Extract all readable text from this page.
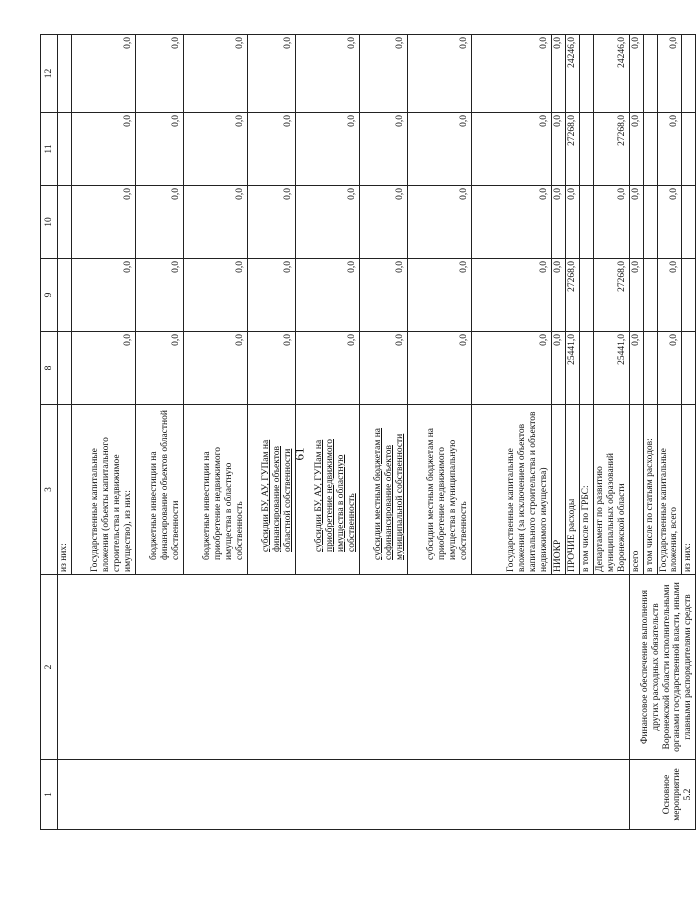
61
1	2	3	8	9	10	11	12
		из них:					
		Государственные капитальные вложения (объекты капитального строительства и недвижимое имущество), из них:	0,0	0,0	0,0	0,0	0,0
		бюджетные инвестиции на финансирование объектов областной собственности	0,0	0,0	0,0	0,0	0,0
		бюджетные инвестиции на приобретение недвижимого имущества в областную собственность	0,0	0,0	0,0	0,0	0,0
		субсидии БУ, АУ, ГУПам на финансирование объектов областной собственности	0,0	0,0	0,0	0,0	0,0
		субсидии БУ, АУ, ГУПам на приобретение недвижимого имущества в областную собственность	0,0	0,0	0,0	0,0	0,0
		субсидии местным бюджетам на софинансирование объектов муниципальной собственности	0,0	0,0	0,0	0,0	0,0
		субсидии местным бюджетам на приобретение недвижимого имущества в муниципальную собственность	0,0	0,0	0,0	0,0	0,0
		Государственные капитальные вложения (за исключением объектов капитального строительства и объектов недвижимого имущества)	0,0	0,0	0,0	0,0	0,0
		НИОКР	0,0	0,0	0,0	0,0	0,0
		ПРОЧИЕ расходы	25441,0	27268,0	0,0	27268,0	24246,0
		в том числе по ГРБС:					
		Департамент по развитию муниципальных образований Воронежской области	25441,0	27268,0	0,0	27268,0	24246,0
Основное мероприятие 5.2	Финансовое обеспечение выполнения других расходных обязательств Воронежской области исполнительными органами государственной власти, иными главными распорядителями средств	всего	0,0	0,0	0,0	0,0	0,0
		в том числе по статьям расходов:					
		Государственные капитальные вложения, всего	0,0	0,0	0,0	0,0	0,0
		из них:					
